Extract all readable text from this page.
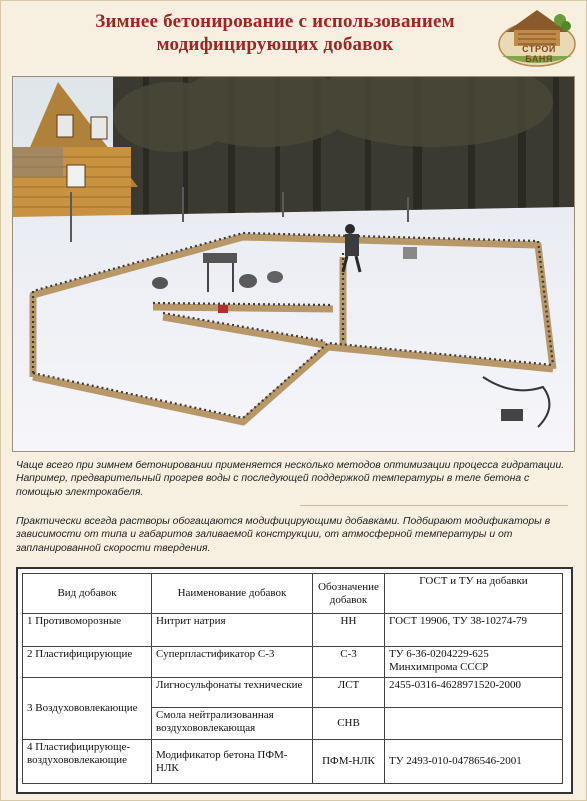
Зимнее бетонирование с использованием
модифицирующих добавок	СТРОЙ БАНЯ
Чаще всего при зимнем бетонировании применяется несколько методов оптимизации процесса гидратации. Например, предварительный прогрев воды с последующей поддержкой температуры в теле бетона с помощью электрокабеля.
Практически всегда растворы обогащаются модифицирующими добавками. Подбирают модификаторы в зависимости от типа и габаритов заливаемой конструкции, от атмосферной температуры и от запланированной скорости твердения.
Вид добавок	Наименование добавок	Обозначение добавок	ГОСТ и ТУ на добавки
1 Противоморозные	Нитрит натрия	НН	ГОСТ 19906, ТУ 38-10274-79
2 Пластифицирующие	Суперпластификатор С-3	С-3	ТУ 6-36-0204229-625 Минхимпрома СССР
3 Воздухововлекающие	Лигносульфонаты технические	ЛСТ	2455-0316-4628971520-2000
	Смола нейтрализованная воздухововлекающая	СНВ	
4 Пластифицирующе-воздухововлекающие	Модификатор бетона ПФМ-НЛК	ПФМ-НЛК	ТУ 2493-010-04786546-2001
